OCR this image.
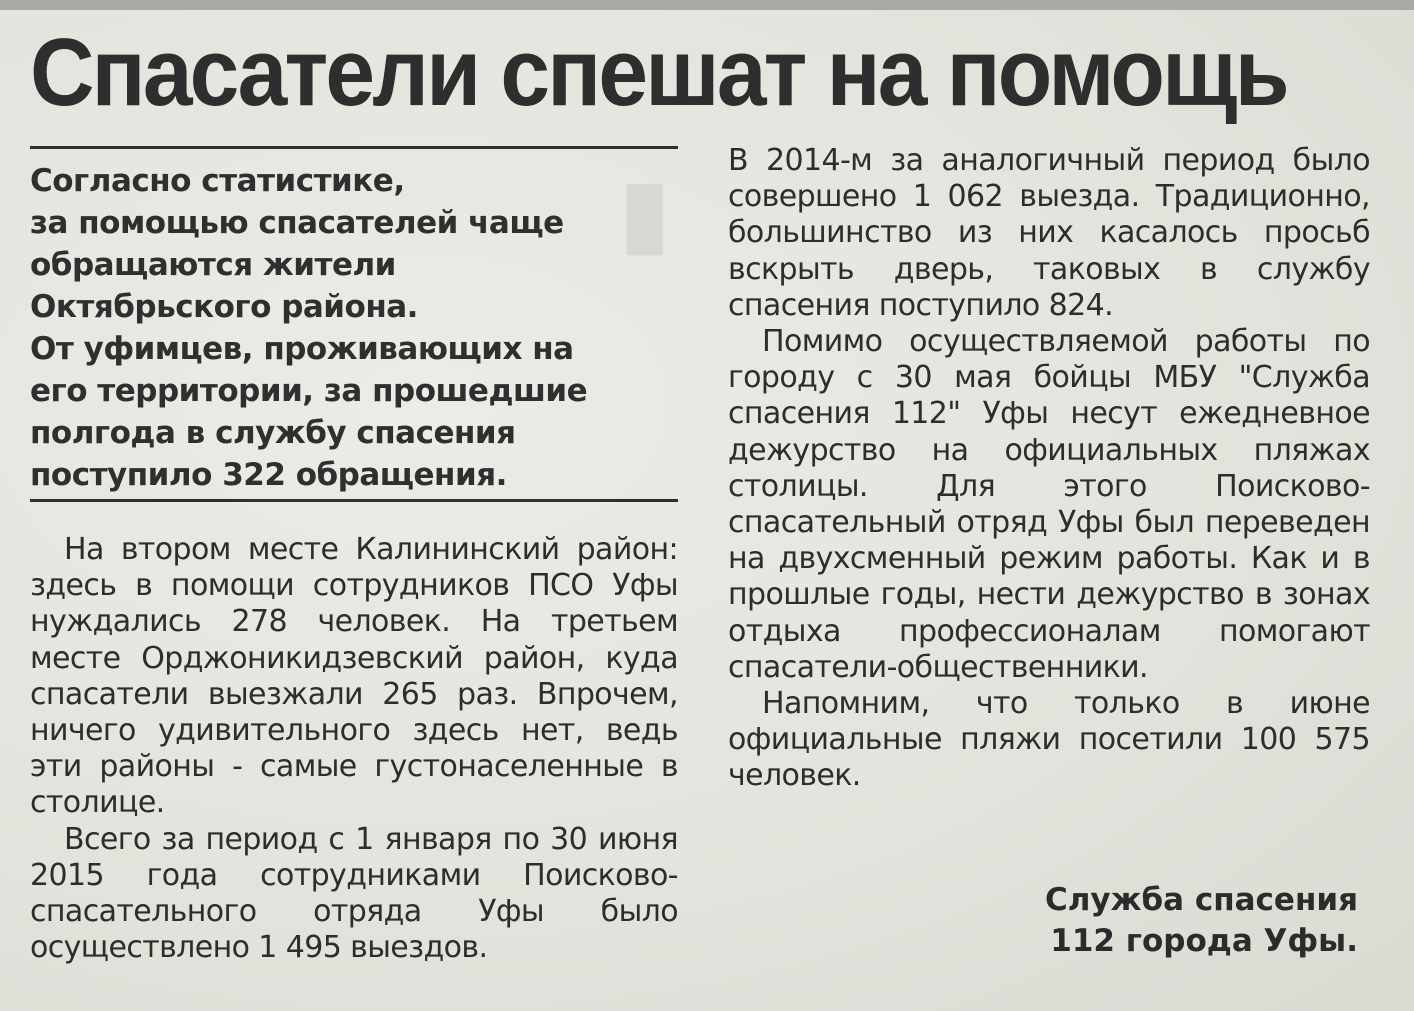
▮
Спасатели спешат на помощь
Согласно статистике,
за помощью спасателей чаще
обращаются жители
Октябрьского района.
От уфимцев, проживающих на
его территории, за прошедшие
полгода в службу спасения
поступило 322 обращения.

На втором месте Калининский район: здесь в помощи сотрудников ПСО Уфы нуждались 278 человек. На третьем месте Орджоникидзевский район, куда спасатели выезжали 265 раз. Впрочем, ничего удивительного здесь нет, ведь эти районы - самые густонаселенные в столице.

Всего за период с 1 января по 30 июня 2015 года сотрудниками Поисково-спасательного отряда Уфы было осуществлено 1 495 выездов.

В 2014-м за аналогичный период было совершено 1 062 выезда. Традиционно, большинство из них касалось просьб вскрыть дверь, таковых в службу спасения поступило 824.

Помимо осуществляемой работы по городу с 30 мая бойцы МБУ "Служба спасения 112" Уфы несут ежедневное дежурство на официальных пляжах столицы. Для этого Поисково-спасательный отряд Уфы был переведен на двухсменный режим работы. Как и в прошлые годы, нести дежурство в зонах отдыха профессионалам помогают спасатели-общественники.

Напомним, что только в июне официальные пляжи посетили 100 575 человек.

Служба спасения
112 города Уфы.
